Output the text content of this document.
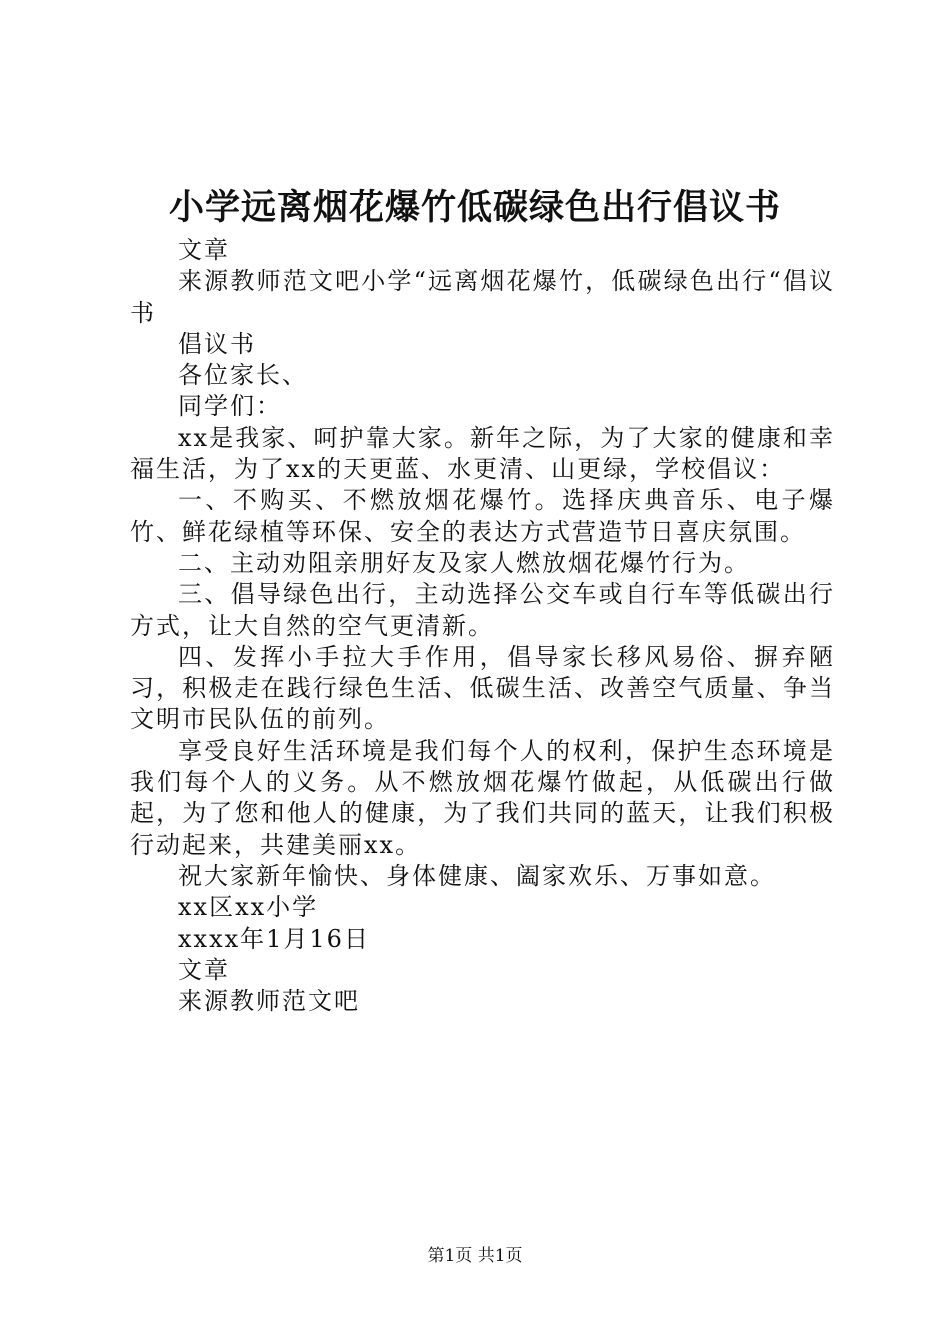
小学远离烟花爆竹低碳绿色出行倡议书

文章

来源教师范文吧小学“远离烟花爆竹，低碳绿色出行“倡议书

倡议书

各位家长、

同学们：

xx是我家、呵护靠大家。新年之际，为了大家的健康和幸福生活，为了xx的天更蓝、水更清、山更绿，学校倡议：

一、不购买、不燃放烟花爆竹。选择庆典音乐、电子爆竹、鲜花绿植等环保、安全的表达方式营造节日喜庆氛围。

二、主动劝阻亲朋好友及家人燃放烟花爆竹行为。

三、倡导绿色出行，主动选择公交车或自行车等低碳出行方式，让大自然的空气更清新。

四、发挥小手拉大手作用，倡导家长移风易俗、摒弃陋习，积极走在践行绿色生活、低碳生活、改善空气质量、争当文明市民队伍的前列。

享受良好生活环境是我们每个人的权利，保护生态环境是我们每个人的义务。从不燃放烟花爆竹做起，从低碳出行做起，为了您和他人的健康，为了我们共同的蓝天，让我们积极行动起来，共建美丽xx。

祝大家新年愉快、身体健康、阖家欢乐、万事如意。

xx区xx小学

xxxx年1月16日

文章

来源教师范文吧

第1页 共1页
